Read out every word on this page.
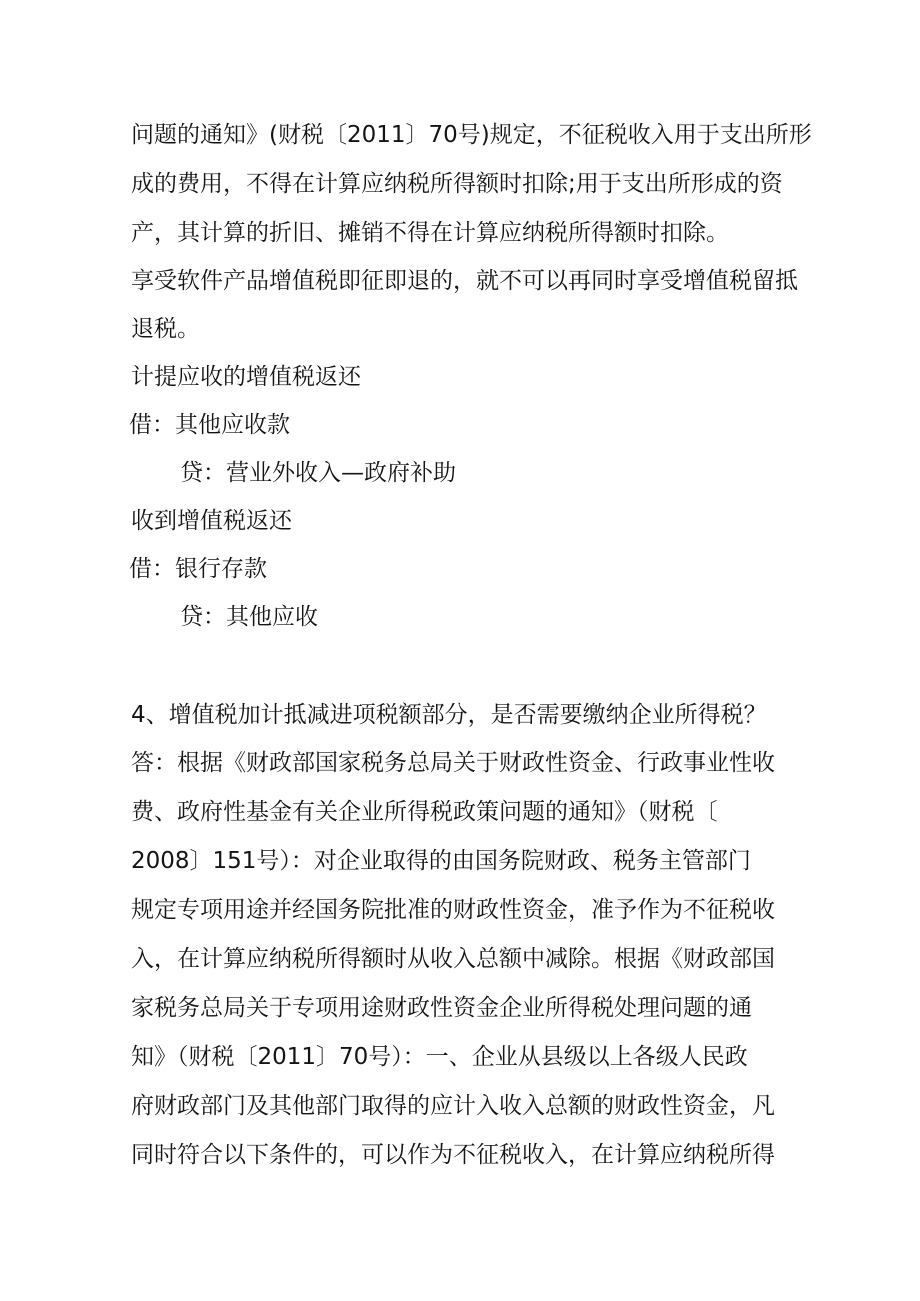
问题的通知》(财税〔2011〕70号)规定，不征税收入用于支出所形
成的费用，不得在计算应纳税所得额时扣除;用于支出所形成的资
产，其计算的折旧、摊销不得在计算应纳税所得额时扣除。
享受软件产品增值税即征即退的，就不可以再同时享受增值税留抵
退税。
计提应收的增值税返还
借：其他应收款
贷：营业外收入—政府补助
收到增值税返还
借：银行存款
贷：其他应收
4、增值税加计抵减进项税额部分，是否需要缴纳企业所得税？
答：根据《财政部国家税务总局关于财政性资金、行政事业性收
费、政府性基金有关企业所得税政策问题的通知》（财税〔
2008〕151号）：对企业取得的由国务院财政、税务主管部门
规定专项用途并经国务院批准的财政性资金，准予作为不征税收
入，在计算应纳税所得额时从收入总额中减除。根据《财政部国
家税务总局关于专项用途财政性资金企业所得税处理问题的通
知》（财税〔2011〕70号）：一、企业从县级以上各级人民政
府财政部门及其他部门取得的应计入收入总额的财政性资金，凡
同时符合以下条件的，可以作为不征税收入，在计算应纳税所得
